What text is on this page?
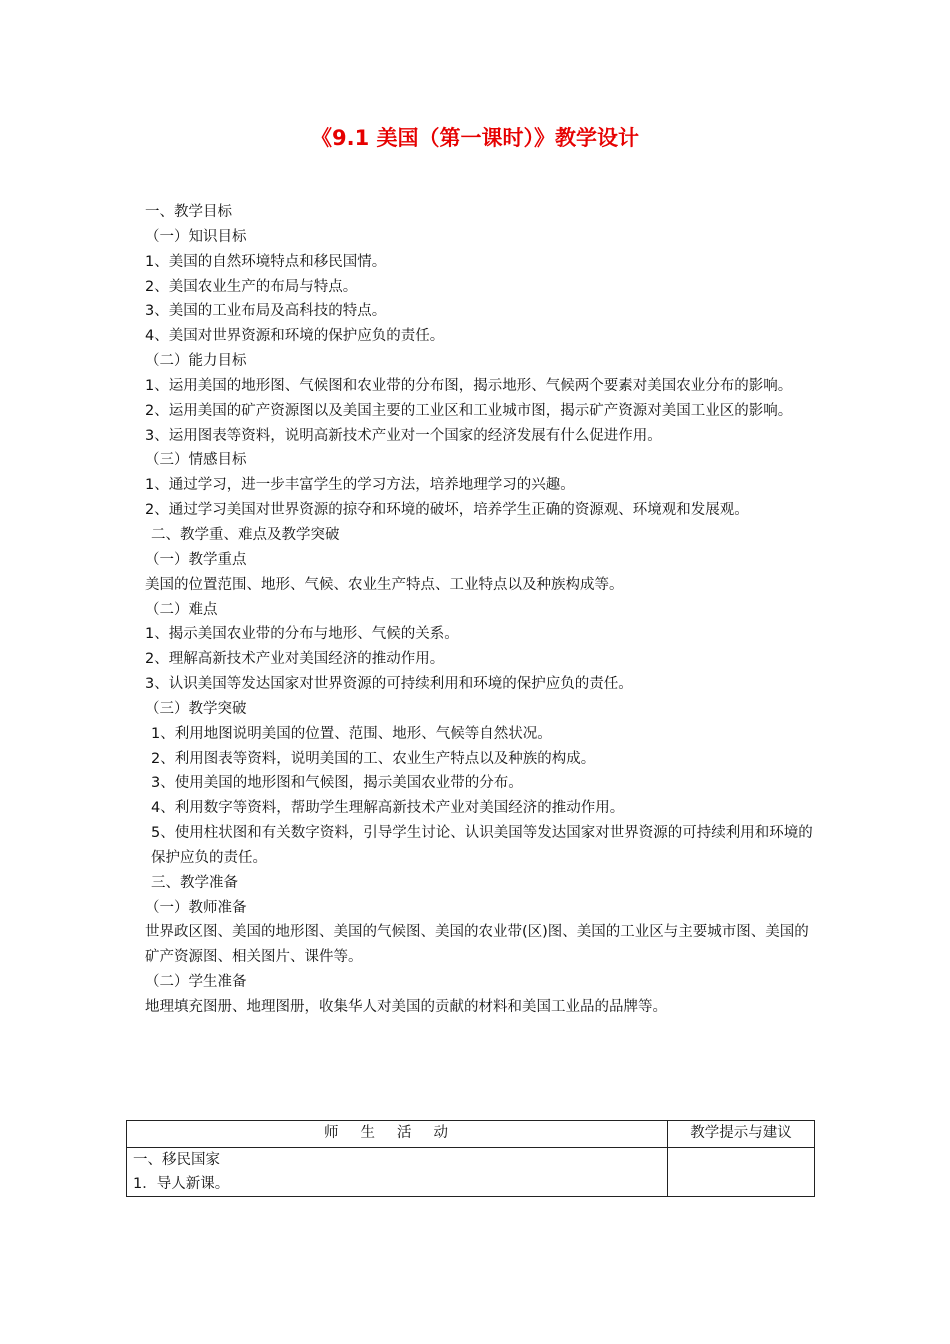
《9.1 美国（第一课时）》教学设计

一、教学目标

（一）知识目标

1、美国的自然环境特点和移民国情。

2、美国农业生产的布局与特点。

3、美国的工业布局及高科技的特点。

4、美国对世界资源和环境的保护应负的责任。

（二）能力目标

1、运用美国的地形图、气候图和农业带的分布图，揭示地形、气候两个要素对美国农业分布的影响。

2、运用美国的矿产资源图以及美国主要的工业区和工业城市图，揭示矿产资源对美国工业区的影响。

3、运用图表等资料，说明高新技术产业对一个国家的经济发展有什么促进作用。

（三）情感目标

1、通过学习，进一步丰富学生的学习方法，培养地理学习的兴趣。

2、通过学习美国对世界资源的掠夺和环境的破坏，培养学生正确的资源观、环境观和发展观。

二、教学重、难点及教学突破

（一）教学重点

美国的位置范围、地形、气候、农业生产特点、工业特点以及种族构成等。

（二）难点

1、揭示美国农业带的分布与地形、气候的关系。

2、理解高新技术产业对美国经济的推动作用。

3、认识美国等发达国家对世界资源的可持续利用和环境的保护应负的责任。

（三）教学突破

1、利用地图说明美国的位置、范围、地形、气候等自然状况。

2、利用图表等资料，说明美国的工、农业生产特点以及种族的构成。

3、使用美国的地形图和气候图，揭示美国农业带的分布。

4、利用数字等资料，帮助学生理解高新技术产业对美国经济的推动作用。

5、使用柱状图和有关数字资料，引导学生讨论、认识美国等发达国家对世界资源的可持续利用和环境的保护应负的责任。

三、教学准备

（一）教师准备

世界政区图、美国的地形图、美国的气候图、美国的农业带(区)图、美国的工业区与主要城市图、美国的矿产资源图、相关图片、课件等。

（二）学生准备

地理填充图册、地理图册，收集华人对美国的贡献的材料和美国工业品的品牌等。

师生活动	教学提示与建议

一、移民国家
1．导人新课。	
